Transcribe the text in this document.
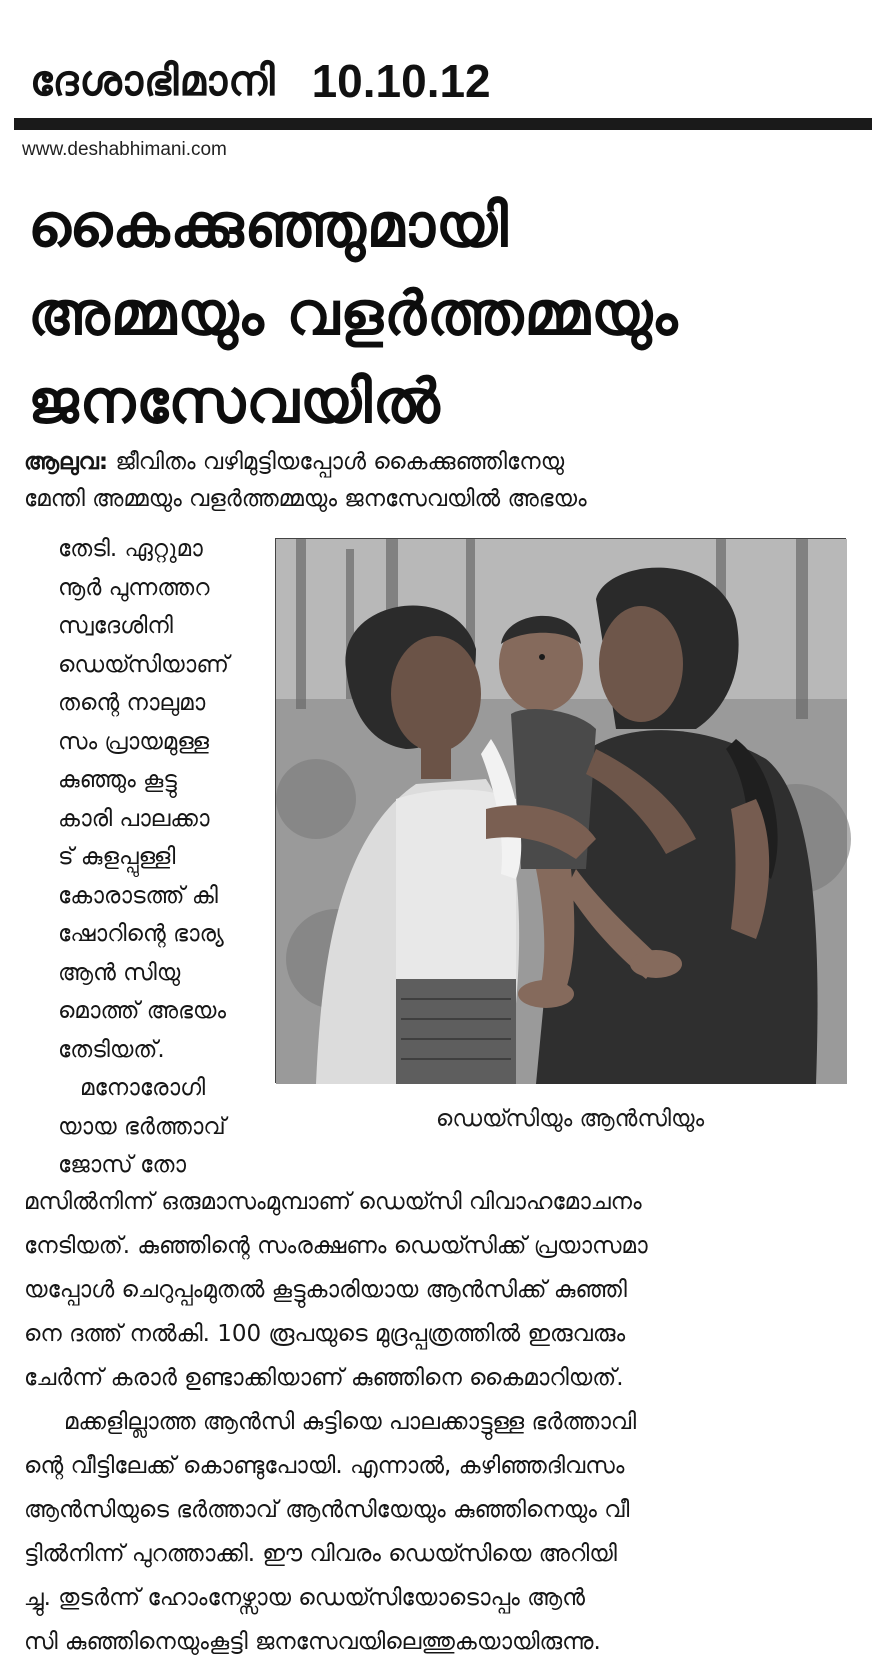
ദേശാഭിമാനി 10.10.12
www.deshabhimani.com
കൈക്കുഞ്ഞുമായി
അമ്മയും വളര്‍ത്തമ്മയും
ജനസേവയില്‍
ആലുവ: ജീവിതം വഴിമുട്ടിയപ്പോള്‍ കൈക്കുഞ്ഞിനേയു
മേന്തി അമ്മയും വളര്‍ത്തമ്മയും ജനസേവയില്‍ അഭയം
തേടി. ഏറ്റുമാ
നൂര്‍ പുന്നത്തറ
സ്വദേശിനി
ഡെയ്സിയാണ്
തന്റെ നാലുമാ
സം പ്രായമുള്ള
കുഞ്ഞും കൂട്ടു
കാരി പാലക്കാ
ട് കുളപ്പുള്ളി
കോരാടത്ത് കി
ഷോറിന്റെ ഭാര്യ
ആന്‍ സിയു
മൊത്ത് അഭയം
തേടിയത്.
മനോരോഗി
യായ ഭര്‍ത്താവ്
ജോസ് തോ
ഡെയ്സിയും ആന്‍സിയും
മസില്‍നിന്ന് ഒരുമാസംമുമ്പാണ് ഡെയ്സി വിവാഹമോചനം
നേടിയത്. കുഞ്ഞിന്റെ സംരക്ഷണം ഡെയ്സിക്ക് പ്രയാസമാ
യപ്പോള്‍ ചെറുപ്പംമുതല്‍ കൂട്ടുകാരിയായ ആന്‍സിക്ക് കുഞ്ഞി
നെ ദത്ത് നല്‍കി. 100 രൂപയുടെ മുദ്രപ്പത്രത്തില്‍ ഇരുവരും
ചേര്‍ന്ന് കരാര്‍ ഉണ്ടാക്കിയാണ് കുഞ്ഞിനെ കൈമാറിയത്.
മക്കളില്ലാത്ത ആന്‍സി കുട്ടിയെ പാലക്കാട്ടുള്ള ഭര്‍ത്താവി
ന്റെ വീട്ടിലേക്ക് കൊണ്ടുപോയി. എന്നാല്‍, കഴിഞ്ഞദിവസം
ആന്‍സിയുടെ ഭര്‍ത്താവ് ആന്‍സിയേയും കുഞ്ഞിനെയും വീ
ട്ടില്‍നിന്ന് പുറത്താക്കി. ഈ വിവരം ഡെയ്സിയെ അറിയി
ച്ചു. തുടര്‍ന്ന് ഹോംനേഴ്സായ ഡെയ്സിയോടൊപ്പം ആന്‍
സി കുഞ്ഞിനെയുംകൂട്ടി ജനസേവയിലെത്തുകയായിരുന്നു.
